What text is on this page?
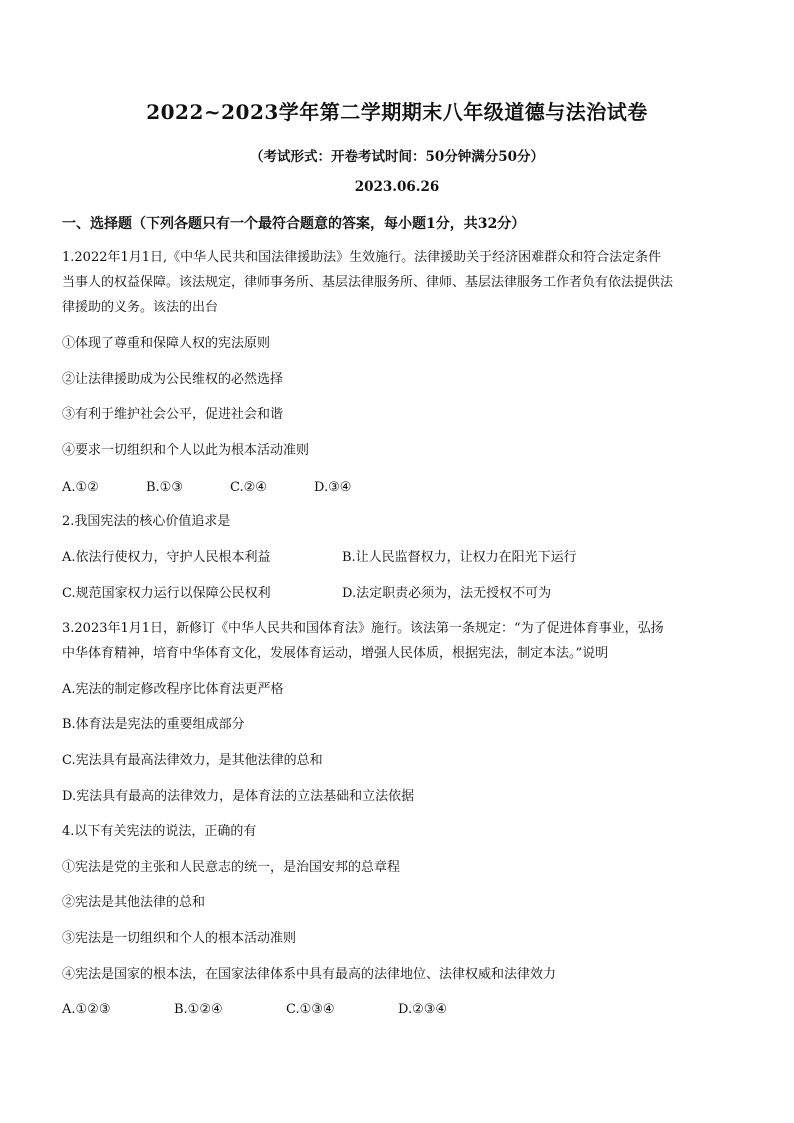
2022~2023学年第二学期期末八年级道德与法治试卷
（考试形式：开卷考试时间：50分钟满分50分）
2023.06.26
一、选择题（下列各题只有一个最符合题意的答案，每小题1分，共32分）
1.2022年1月1日,《中华人民共和国法律援助法》生效施行。法律援助关于经济困难群众和符合法定条件
当事人的权益保障。该法规定，律师事务所、基层法律服务所、律师、基层法律服务工作者负有依法提供法
律援助的义务。该法的出台
①体现了尊重和保障人权的宪法原则
②让法律援助成为公民维权的必然选择
③有利于维护社会公平，促进社会和谐
④要求一切组织和个人以此为根本活动准则
A.①②	B.①③	C.②④	D.③④
2.我国宪法的核心价值追求是
A.依法行使权力，守护人民根本利益	B.让人民监督权力，让权力在阳光下运行
C.规范国家权力运行以保障公民权利	D.法定职责必须为，法无授权不可为
3.2023年1月1日，新修订《中华人民共和国体育法》施行。该法第一条规定：“为了促进体育事业，弘扬
中华体育精神，培育中华体育文化，发展体育运动，增强人民体质，根据宪法，制定本法。”说明
A.宪法的制定修改程序比体育法更严格
B.体育法是宪法的重要组成部分
C.宪法具有最高法律效力，是其他法律的总和
D.宪法具有最高的法律效力，是体育法的立法基础和立法依据
4.以下有关宪法的说法，正确的有
①宪法是党的主张和人民意志的统一，是治国安邦的总章程
②宪法是其他法律的总和
③宪法是一切组织和个人的根本活动准则
④宪法是国家的根本法，在国家法律体系中具有最高的法律地位、法律权威和法律效力
A.①②③	B.①②④	C.①③④	D.②③④
